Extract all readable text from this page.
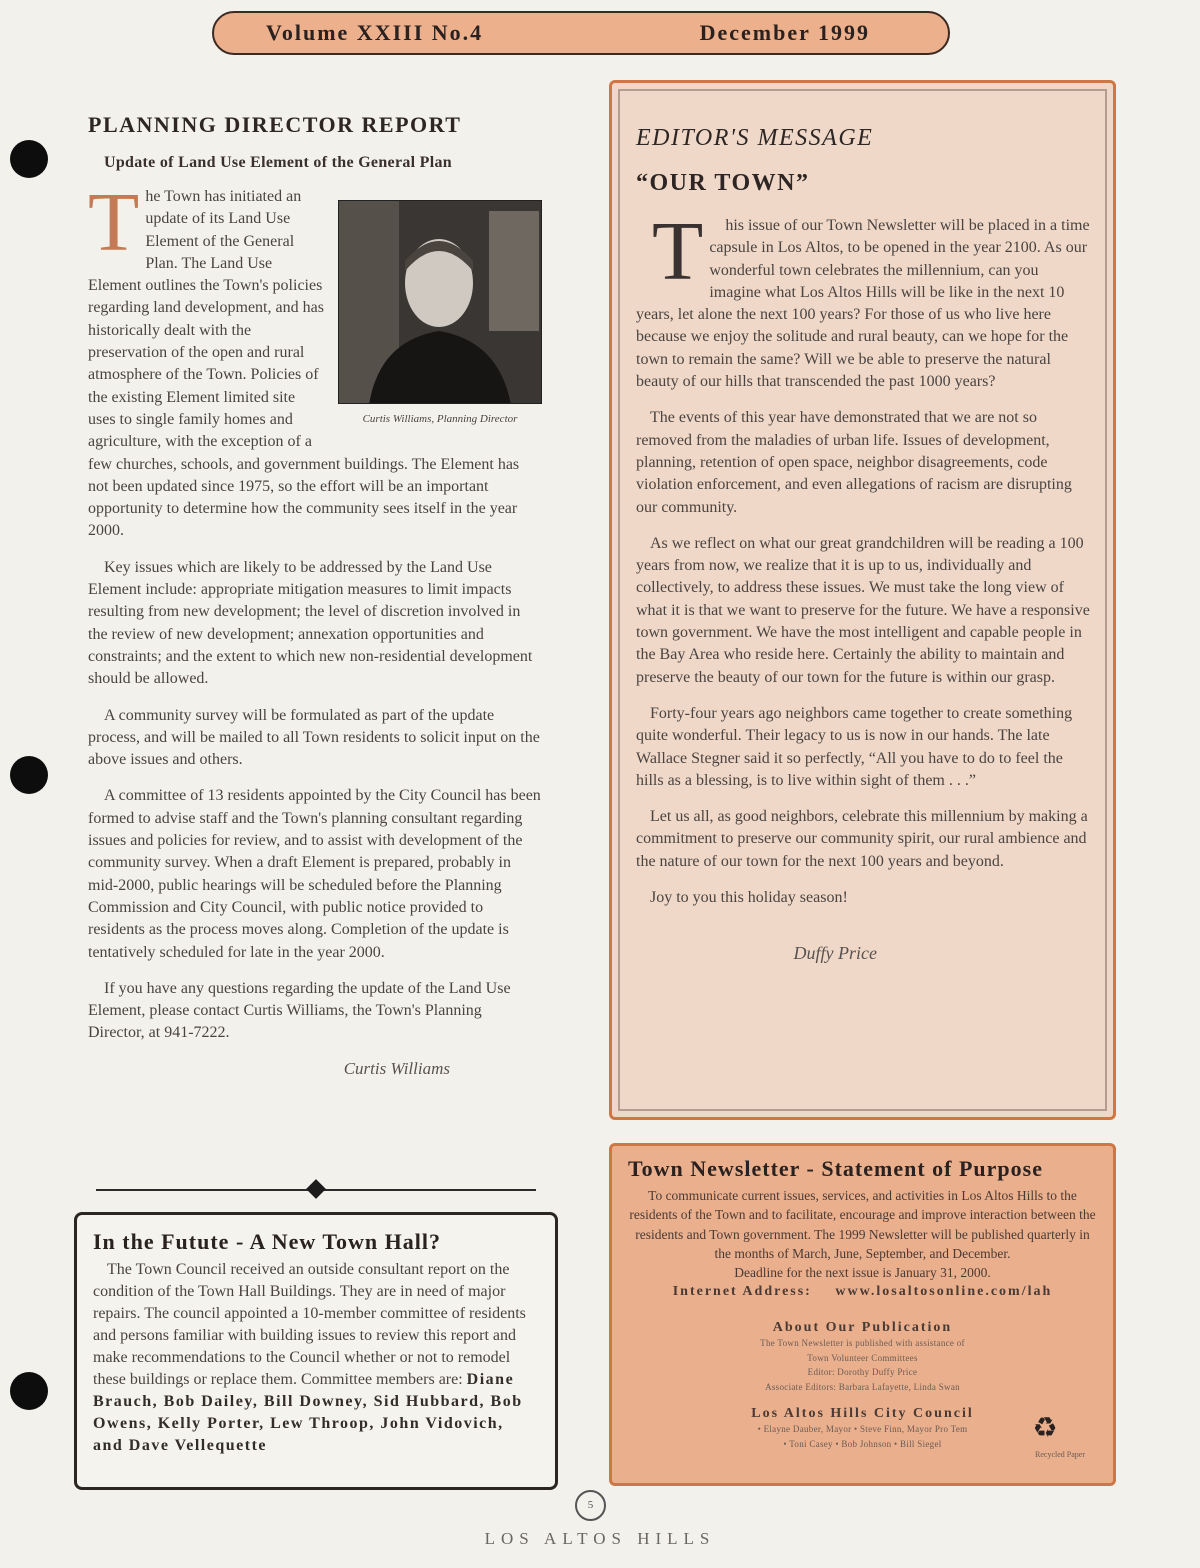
Volume XXIII No.4	December 1999
PLANNING DIRECTOR REPORT
Update of Land Use Element of the General Plan

T
Curtis Williams, Planning Director
he Town has initiated an update of its Land Use Element of the General Plan. The Land Use Element outlines the Town's policies regarding land development, and has historically dealt with the preservation of the open and rural atmosphere of the Town. Policies of the existing Element limited site uses to single family homes and agriculture, with the exception of a few churches, schools, and government buildings. The Element has not been updated since 1975, so the effort will be an important opportunity to determine how the community sees itself in the year 2000.

Key issues which are likely to be addressed by the Land Use Element include: appropriate mitigation measures to limit impacts resulting from new development; the level of discretion involved in the review of new development; annexation opportunities and constraints; and the extent to which new non-residential development should be allowed.

A community survey will be formulated as part of the update process, and will be mailed to all Town residents to solicit input on the above issues and others.

A committee of 13 residents appointed by the City Council has been formed to advise staff and the Town's planning consultant regarding issues and policies for review, and to assist with development of the community survey. When a draft Element is prepared, probably in mid-2000, public hearings will be scheduled before the Planning Commission and City Council, with public notice provided to residents as the process moves along. Completion of the update is tentatively scheduled for late in the year 2000.

If you have any questions regarding the update of the Land Use Element, please contact Curtis Williams, the Town's Planning Director, at 941-7222.

Curtis Williams
In the Futute - A New Town Hall?
The Town Council received an outside consultant report on the condition of the Town Hall Buildings. They are in need of major repairs. The council appointed a 10-member committee of residents and persons familiar with building issues to review this report and make recommendations to the Council whether or not to remodel these buildings or replace them. Committee members are: Diane Brauch, Bob Dailey, Bill Downey, Sid Hubbard, Bob Owens, Kelly Porter, Lew Throop, John Vidovich, and Dave Vellequette
EDITOR'S MESSAGE
“OUR TOWN”

T his issue of our Town Newsletter will be placed in a time capsule in Los Altos, to be opened in the year 2100. As our wonderful town celebrates the millennium, can you imagine what Los Altos Hills will be like in the next 10 years, let alone the next 100 years? For those of us who live here because we enjoy the solitude and rural beauty, can we hope for the town to remain the same? Will we be able to preserve the natural beauty of our hills that transcended the past 1000 years?

The events of this year have demonstrated that we are not so removed from the maladies of urban life. Issues of development, planning, retention of open space, neighbor disagreements, code violation enforcement, and even allegations of racism are disrupting our community.

As we reflect on what our great grandchildren will be reading a 100 years from now, we realize that it is up to us, individually and collectively, to address these issues. We must take the long view of what it is that we want to preserve for the future. We have a responsive town government. We have the most intelligent and capable people in the Bay Area who reside here. Certainly the ability to maintain and preserve the beauty of our town for the future is within our grasp.

Forty-four years ago neighbors came together to create something quite wonderful. Their legacy to us is now in our hands. The late Wallace Stegner said it so perfectly, “All you have to do to feel the hills as a blessing, is to live within sight of them . . .”

Let us all, as good neighbors, celebrate this millennium by making a commitment to preserve our community spirit, our rural ambience and the nature of our town for the next 100 years and beyond.

Joy to you this holiday season!

Duffy Price
Town Newsletter - Statement of Purpose
To communicate current issues, services, and activities in Los Altos Hills to the residents of the Town and to facilitate, encourage and improve interaction between the residents and Town government. The 1999 Newsletter will be published quarterly in the months of March, June, September, and December.
Deadline for the next issue is January 31, 2000.
Internet Address: www.losaltosonline.com/lah
About Our Publication
The Town Newsletter is published with assistance of
Town Volunteer Committees
Editor: Dorothy Duffy Price
Associate Editors: Barbara Lafayette, Linda Swan
Los Altos Hills City Council
• Elayne Dauber, Mayor • Steve Finn, Mayor Pro Tem
• Toni Casey • Bob Johnson • Bill Siegel	♻
Recycled Paper
5
LOS ALTOS HILLS
